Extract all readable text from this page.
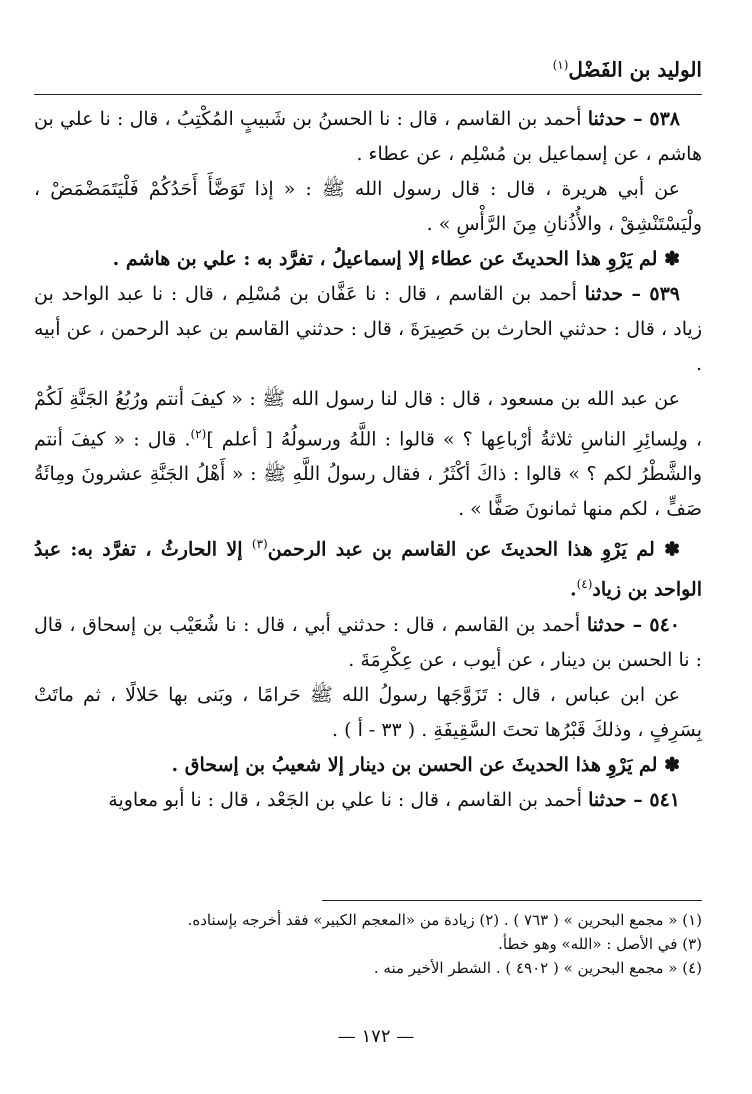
الوليد بن الفَضْل$^{(١)}$

٥٣٨ – حدثنا أحمد بن القاسم ، قال : نا الحسنُ بن شَبيبٍ المُكْتِبُ ، قال : نا علي بن هاشم ، عن إسماعيل بن مُسْلِم ، عن عطاء .

عن أبي هريرة ، قال : قال رسول الله ﷺ : « إذا تَوَضَّأَ أَحَدُكُمْ فَلْيَتَمَضْمَضْ ، ولْيَسْتَنْشِقْ ، والأُذُنانِ مِنَ الرَّأْسِ » .

✽ لم يَرْوِ هذا الحديثَ عن عطاء إلا إسماعيلُ ، تفرَّد به : علي بن هاشم .

٥٣٩ – حدثنا أحمد بن القاسم ، قال : نا عَفَّان بن مُسْلِم ، قال : نا عبد الواحد بن زياد ، قال : حدثني الحارث بن حَصِيرَةَ ، قال : حدثني القاسم بن عبد الرحمن ، عن أبيه .

عن عبد الله بن مسعود ، قال : قال لنا رسول الله ﷺ : « كيفَ أنتم ورُبُعُ الجَنَّةِ لَكُمْ ، ولِسائِرِ الناسِ ثلاثةُ أرْباعِها ؟ » قالوا : اللَّهُ ورسولُهُ [ أعلم ]$^{(٢)}$. قال : « كيفَ أنتم والشَّطْرُ لكم ؟ » قالوا : ذاكَ أكْثَرُ ، فقال رسولُ اللَّهِ ﷺ : « أَهْلُ الجَنَّةِ عشرونَ ومِائَةُ صَفٍّ ، لكم منها ثمانونَ صَفًّا » .

✽ لم يَرْوِ هذا الحديثَ عن القاسم بن عبد الرحمن$^{(٣)}$ إلا الحارثُ ، تفرَّد به: عبدُ الواحد بن زياد$^{(٤)}$.

٥٤٠ – حدثنا أحمد بن القاسم ، قال : حدثني أبي ، قال : نا شُعَيْب بن إسحاق ، قال : نا الحسن بن دينار ، عن أيوب ، عن عِكْرِمَةَ .

عن ابن عباس ، قال : تَزَوَّجَها رسولُ الله ﷺ حَرامًا ، وبَنى بها حَلالًا ، ثم ماتَتْ بِسَرِفٍ ، وذلكَ قَبْرُها تحتَ السَّقِيفَةِ . ( ٣٣ - أ ) .

✽ لم يَرْوِ هذا الحديثَ عن الحسن بن دينار إلا شعيبُ بن إسحاق .

٥٤١ – حدثنا أحمد بن القاسم ، قال : نا علي بن الجَعْد ، قال : نا أبو معاوية

(١) « مجمع البحرين » ( ٧٦٣ ) . (٢) زيادة من «المعجم الكبير» فقد أخرجه بإسناده.
(٣) في الأصل : «الله» وهو خطأ.
(٤) « مجمع البحرين » ( ٤٩٠٢ ) . الشطر الأخير منه .
— ١٧٢ —
